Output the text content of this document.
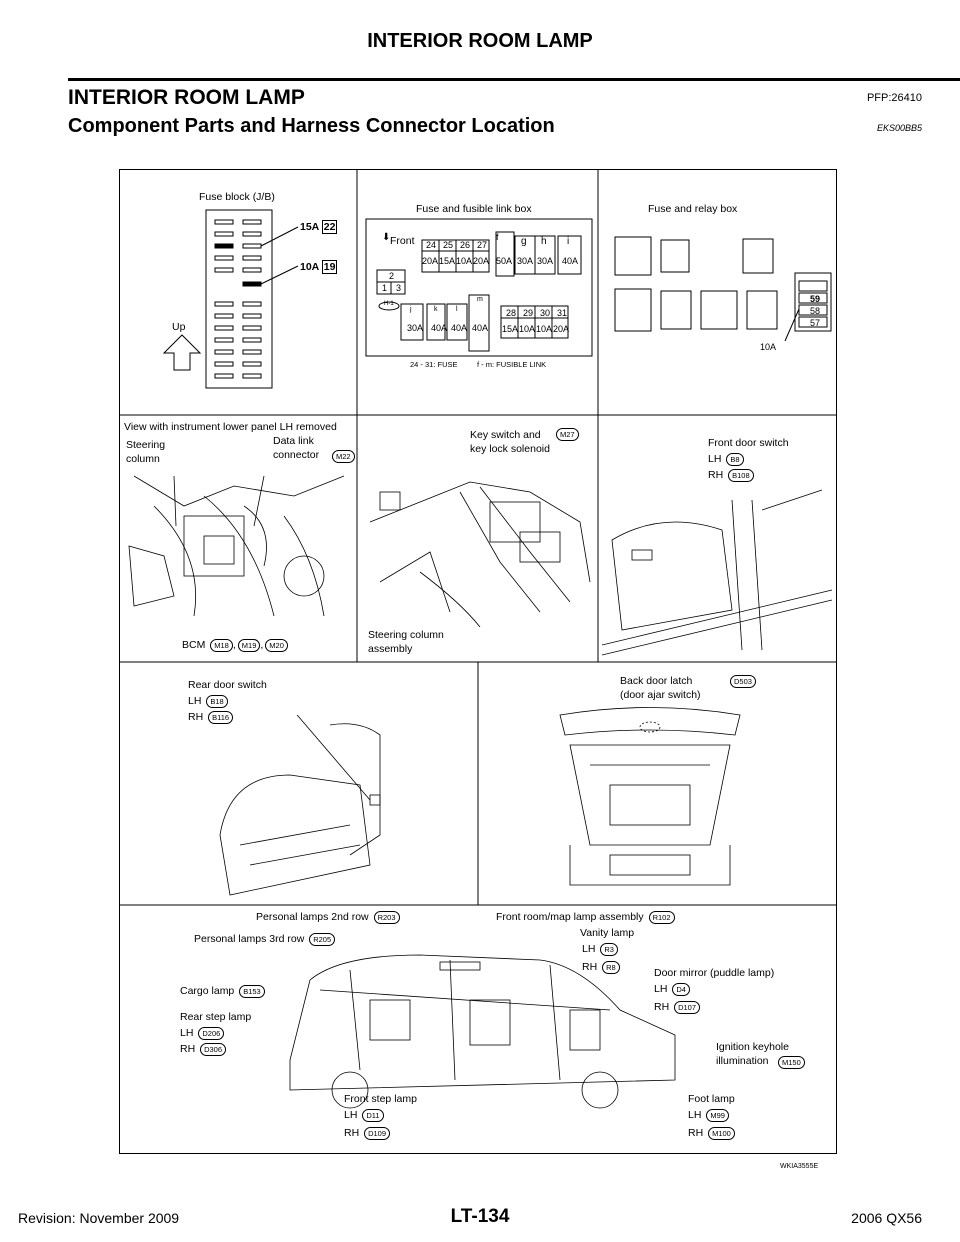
INTERIOR ROOM LAMP
INTERIOR ROOM LAMP	PFP:26410
Component Parts and Harness Connector Location	EKS00BB5
Fuse block (J/B)
15A 22
10A 19
Up
Fuse and fusible link box
⬇ Front 24 25 26 27
20A 15A 10A 20A
f
50A
g
30A
h
30A
i
40A
2
1 3
H-1
j
30A
k
40A
l
40A
m
40A
28 29 30 31
15A 10A 10A 20A
24 - 31: FUSE	f - m: FUSIBLE LINK
Fuse and relay box
59
58
57
10A
View with instrument lower panel LH removed
Steering
column
Data link
connector	M22
BCM M18 , M19 , M20
Key switch and
key lock solenoid
M27
Steering column
assembly
Front door switch
LH B8
RH B108
Rear door switch
LH B18
RH B116
Back door latch
(door ajar switch)
D503
Personal lamps 2nd row R203
Personal lamps 3rd row R205
Cargo lamp B153
Rear step lamp
LH D206
RH D306
Front step lamp
LH D11
RH D109
Front room/map lamp assembly R102
Vanity lamp
LH R3
RH R8	Door mirror (puddle lamp)
LH D4
RH D107
Ignition keyhole
illumination	M150
Foot lamp
LH M99
RH M100
WKIA3555E
Revision: November 2009	LT-134	2006 QX56
